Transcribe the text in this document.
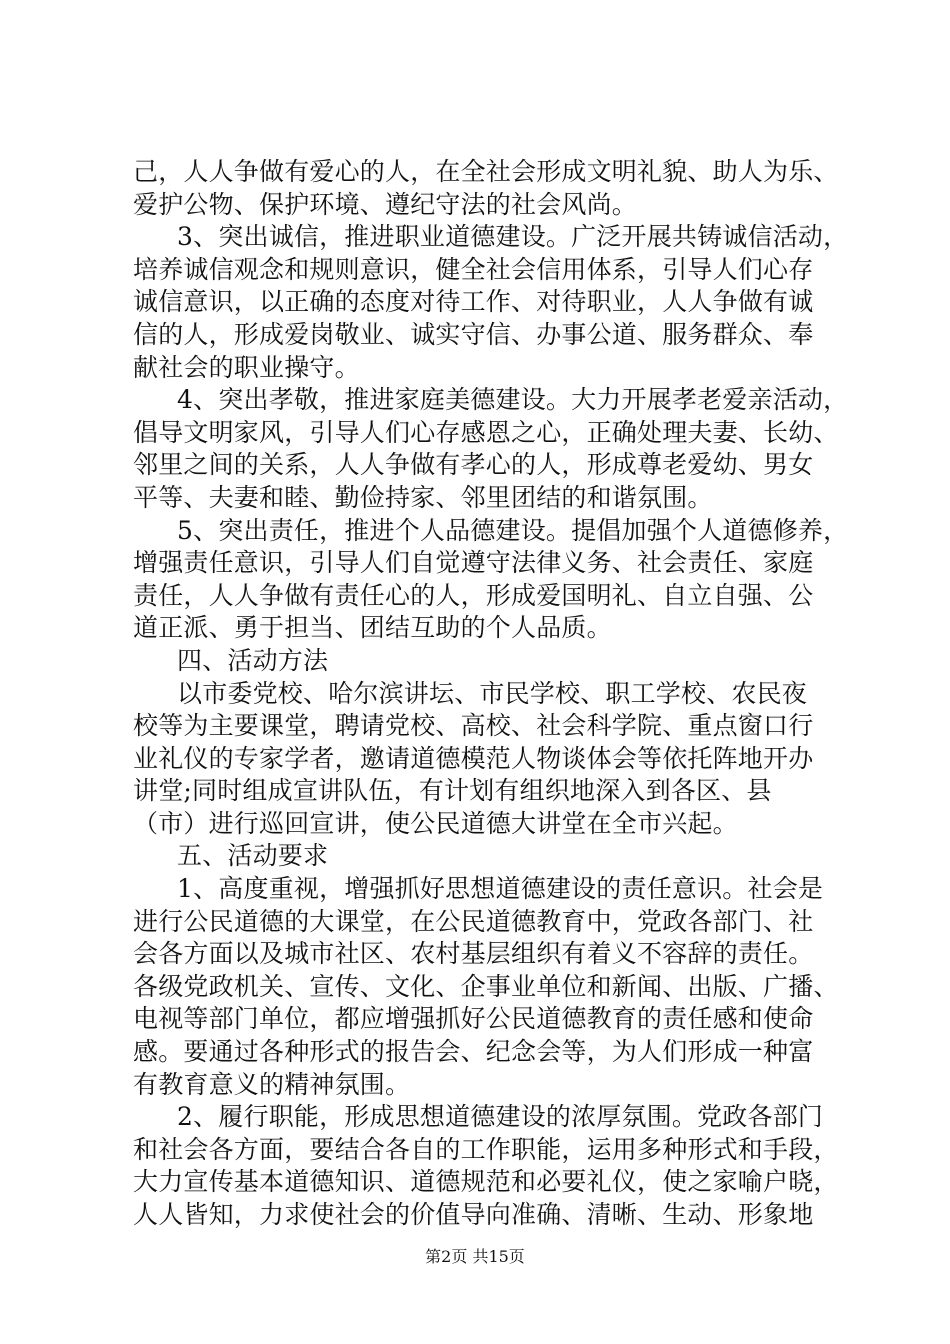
己，人人争做有爱心的人，在全社会形成文明礼貌、助人为乐、
爱护公物、保护环境、遵纪守法的社会风尚。
3、突出诚信，推进职业道德建设。广泛开展共铸诚信活动，
培养诚信观念和规则意识，健全社会信用体系，引导人们心存
诚信意识，以正确的态度对待工作、对待职业，人人争做有诚
信的人，形成爱岗敬业、诚实守信、办事公道、服务群众、奉
献社会的职业操守。
4、突出孝敬，推进家庭美德建设。大力开展孝老爱亲活动，
倡导文明家风，引导人们心存感恩之心，正确处理夫妻、长幼、
邻里之间的关系，人人争做有孝心的人，形成尊老爱幼、男女
平等、夫妻和睦、勤俭持家、邻里团结的和谐氛围。
5、突出责任，推进个人品德建设。提倡加强个人道德修养，
增强责任意识，引导人们自觉遵守法律义务、社会责任、家庭
责任，人人争做有责任心的人，形成爱国明礼、自立自强、公
道正派、勇于担当、团结互助的个人品质。
四、活动方法
以市委党校、哈尔滨讲坛、市民学校、职工学校、农民夜
校等为主要课堂，聘请党校、高校、社会科学院、重点窗口行
业礼仪的专家学者，邀请道德模范人物谈体会等依托阵地开办
讲堂;同时组成宣讲队伍，有计划有组织地深入到各区、县
（市）进行巡回宣讲，使公民道德大讲堂在全市兴起。
五、活动要求
1、高度重视，增强抓好思想道德建设的责任意识。社会是
进行公民道德的大课堂，在公民道德教育中，党政各部门、社
会各方面以及城市社区、农村基层组织有着义不容辞的责任。
各级党政机关、宣传、文化、企事业单位和新闻、出版、广播、
电视等部门单位，都应增强抓好公民道德教育的责任感和使命
感。要通过各种形式的报告会、纪念会等，为人们形成一种富
有教育意义的精神氛围。
2、履行职能，形成思想道德建设的浓厚氛围。党政各部门
和社会各方面，要结合各自的工作职能，运用多种形式和手段，
大力宣传基本道德知识、道德规范和必要礼仪，使之家喻户晓，
人人皆知，力求使社会的价值导向准确、清晰、生动、形象地
第2页 共15页
